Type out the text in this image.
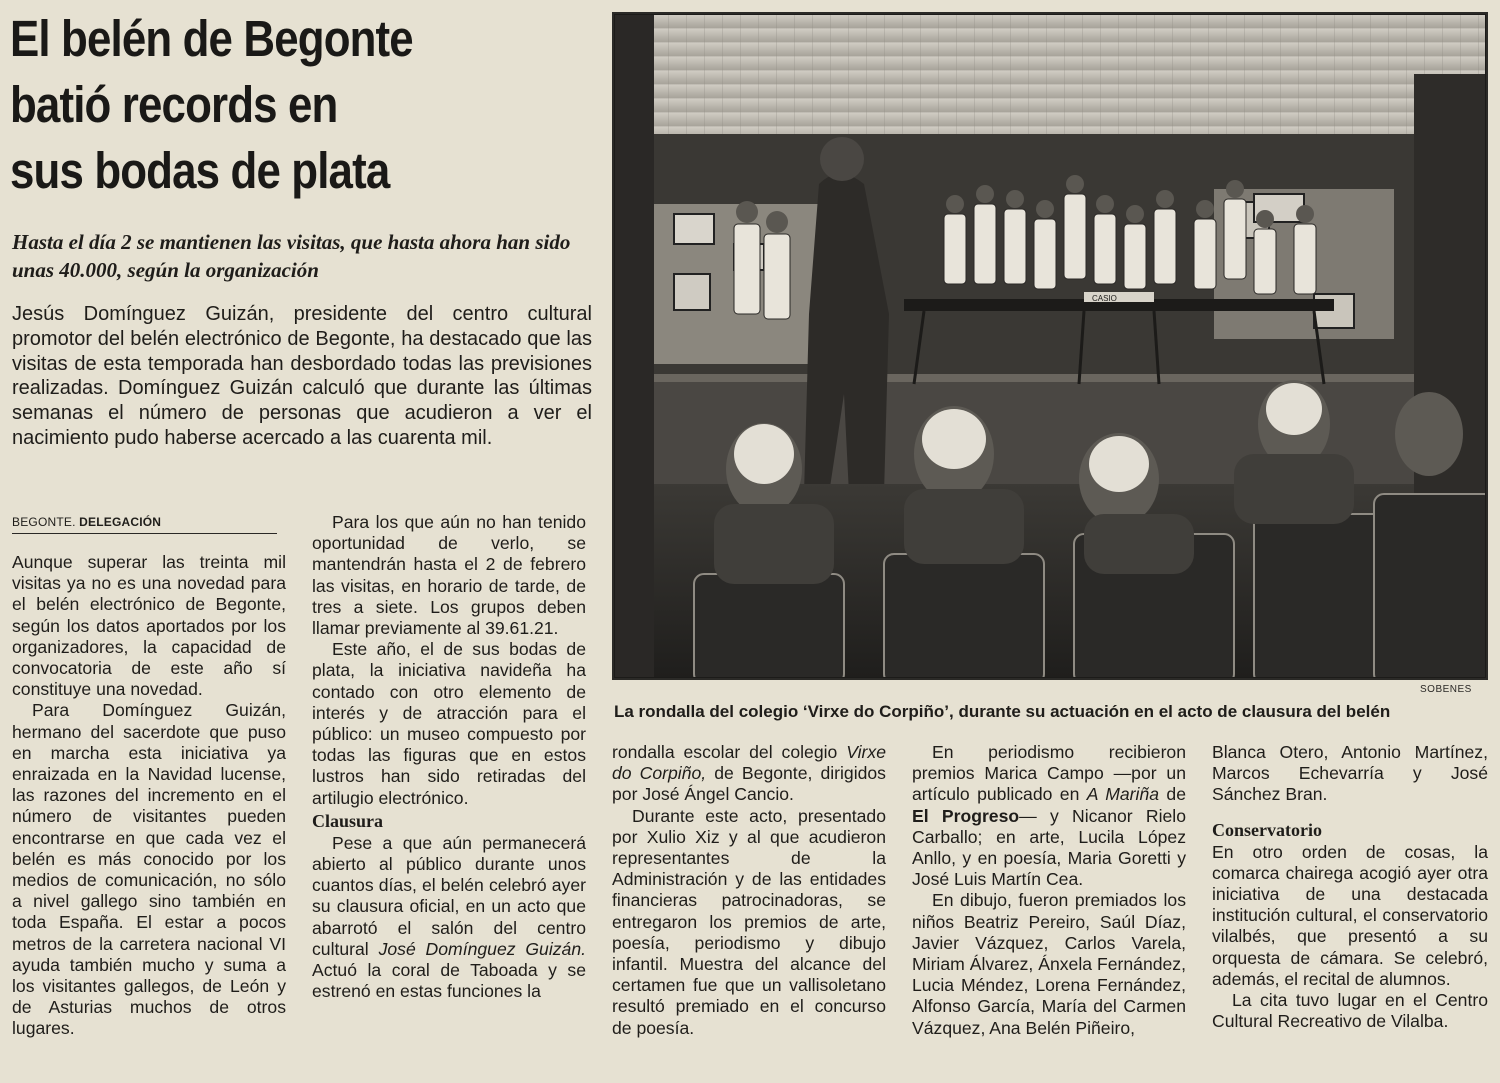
El belén de Begonte
batió records en
sus bodas de plata

Hasta el día 2 se mantienen las visitas, que hasta ahora han sido unas 40.000, según la organización

Jesús Domínguez Guizán, presidente del centro cultural promotor del belén electrónico de Begonte, ha destacado que las visitas de esta temporada han desbordado todas las previsiones realizadas. Domínguez Guizán calculó que durante las últimas semanas el número de personas que acudieron a ver el nacimiento pudo haberse acercado a las cuarenta mil.

BEGONTE. DELEGACIÓN

Aunque superar las treinta mil visitas ya no es una novedad para el belén electrónico de Begonte, según los datos aportados por los organizadores, la capacidad de convocatoria de este año sí constituye una novedad.

Para Domínguez Guizán, hermano del sacerdote que puso en marcha esta iniciativa ya enraizada en la Navidad lucense, las razones del incremento en el número de visitantes pueden encontrarse en que cada vez el belén es más conocido por los medios de comunicación, no sólo a nivel gallego sino también en toda España. El estar a pocos metros de la carretera nacional VI ayuda también mucho y suma a los visitantes gallegos, de León y de Asturias muchos de otros lugares.

Para los que aún no han tenido oportunidad de verlo, se mantendrán hasta el 2 de febrero las visitas, en horario de tarde, de tres a siete. Los grupos deben llamar previamente al 39.61.21.

Este año, el de sus bodas de plata, la iniciativa navideña ha contado con otro elemento de interés y de atracción para el público: un museo compuesto por todas las figuras que en estos lustros han sido retiradas del artilugio electrónico.

Clausura

Pese a que aún permanecerá abierto al público durante unos cuantos días, el belén celebró ayer su clausura oficial, en un acto que abarrotó el salón del centro cultural José Domínguez Guizán. Actuó la coral de Taboada y se estrenó en estas funciones la

CASIO
SOBENES

La rondalla del colegio ‘Virxe do Corpiño’, durante su actuación en el acto de clausura del belén

rondalla escolar del colegio Virxe do Corpiño, de Begonte, dirigidos por José Ángel Cancio.

Durante este acto, presentado por Xulio Xiz y al que acudieron representantes de la Administración y de las entidades financieras patrocinadoras, se entregaron los premios de arte, poesía, periodismo y dibujo infantil. Muestra del alcance del certamen fue que un vallisoletano resultó premiado en el concurso de poesía.

En periodismo recibieron premios Marica Campo —por un artículo publicado en A Mariña de El Progreso— y Nicanor Rielo Carballo; en arte, Lucila López Anllo, y en poesía, Maria Goretti y José Luis Martín Cea.

En dibujo, fueron premiados los niños Beatriz Pereiro, Saúl Díaz, Javier Vázquez, Carlos Varela, Miriam Álvarez, Ánxela Fernández, Lucia Méndez, Lorena Fernández, Alfonso García, María del Carmen Vázquez, Ana Belén Piñeiro,

Blanca Otero, Antonio Martínez, Marcos Echevarría y José Sánchez Bran.

Conservatorio

En otro orden de cosas, la comarca chairega acogió ayer otra iniciativa de una destacada institución cultural, el conservatorio vilalbés, que presentó a su orquesta de cámara. Se celebró, además, el recital de alumnos.

La cita tuvo lugar en el Centro Cultural Recreativo de Vilalba.
